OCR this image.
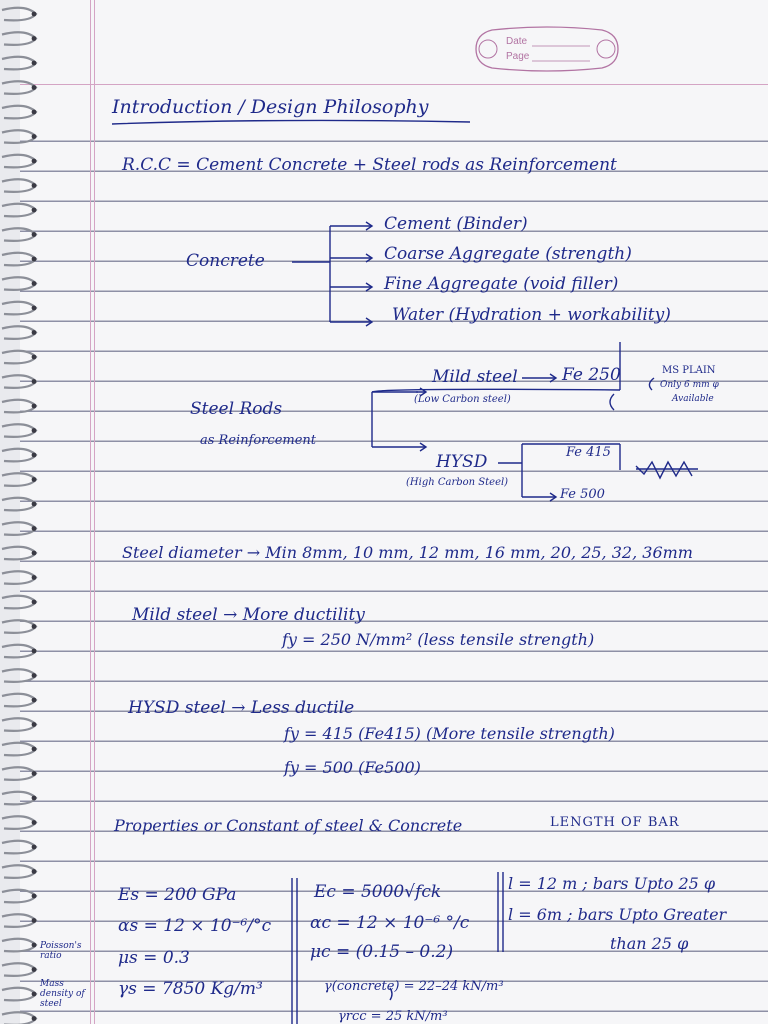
Date
Page
Introduction / Design Philosophy
R.C.C = Cement Concrete + Steel rods as Reinforcement
Concrete
Cement (Binder)
Coarse Aggregate (strength)
Fine Aggregate (void filler)
Water (Hydration + workability)
Steel Rods
as Reinforcement
Mild steel
(Low Carbon steel)
Fe 250	MS PLAIN
Only 6 mm φ
Available
HYSD
(High Carbon Steel)
Fe 415
Fe 500
Steel diameter → Min 8mm, 10 mm, 12 mm, 16 mm, 20, 25, 32, 36mm
Mild steel → More ductility
fy = 250 N/mm² (less tensile strength)
HYSD steel → Less ductile
fy = 415 (Fe415) (More tensile strength)
fy = 500 (Fe500)
Properties or Constant of steel & Concrete	LENGTH OF BAR
Es = 200 GPa
αs = 12 × 10⁻⁶/°c
μs = 0.3
γs = 7850 Kg/m³
Ec = 5000√fck
αc = 12 × 10⁻⁶ °/c
μc = (0.15 – 0.2)
γ(concrete) = 22–24 kN/m³
γrcc = 25 kN/m³
l = 12 m ; bars Upto 25 φ
l = 6m ; bars Upto Greater
than 25 φ
Poisson's ratio
Mass density of steel
